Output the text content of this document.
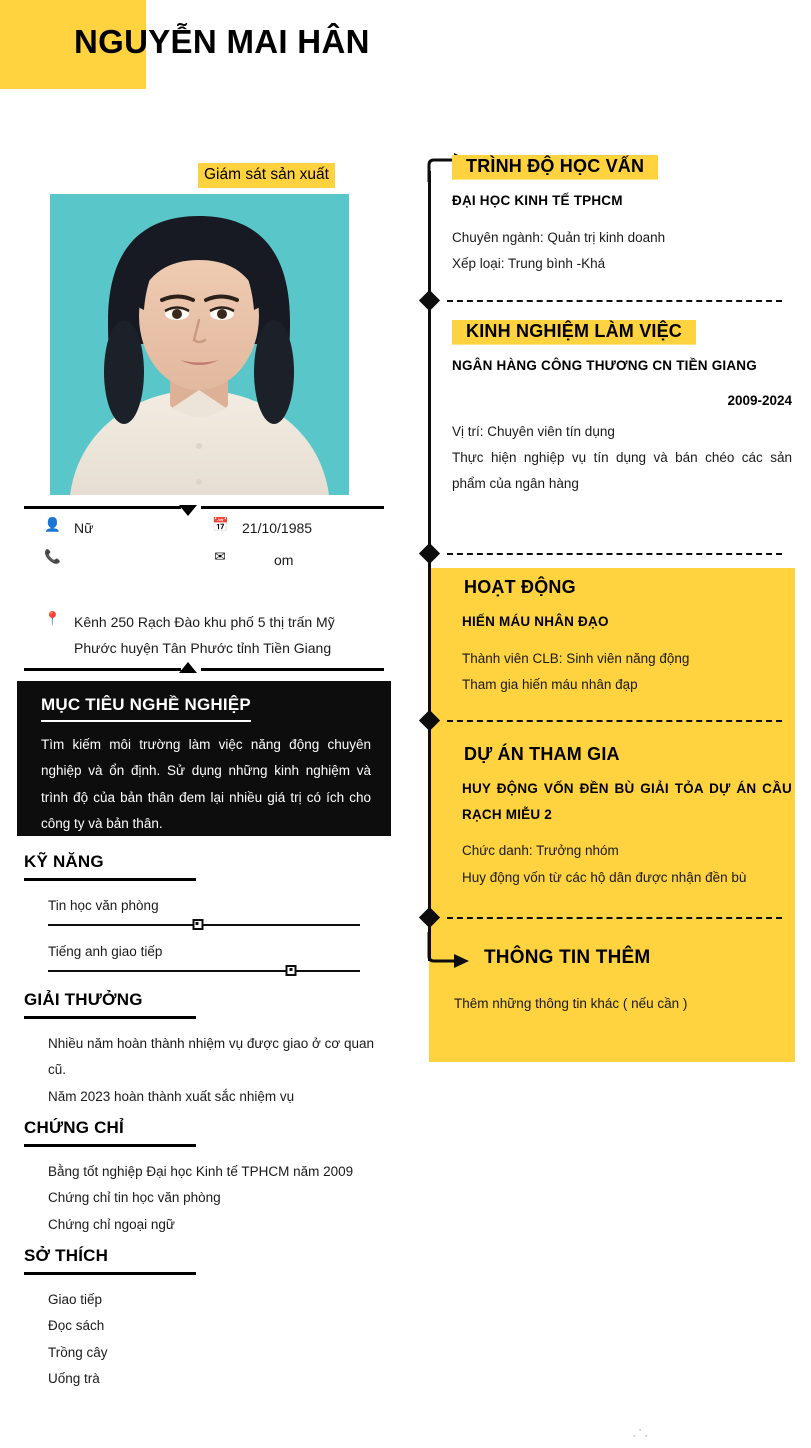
NGUYỄN MAI HÂN
Giám sát sản xuất
👤 Nữ	📅 21/10/1985
📞	✉	om
📍 Kênh 250 Rạch Đào khu phố 5 thị trấn Mỹ Phước huyện Tân Phước tỉnh Tiền Giang
MỤC TIÊU NGHỀ NGHIỆP
Tìm kiếm môi trường làm việc năng động chuyên nghiệp và ổn định. Sử dụng những kinh nghiệm và trình độ của bản thân đem lại nhiều giá trị có ích cho công ty và bản thân.
KỸ NĂNG
Tin học văn phòng
Tiếng anh giao tiếp
GIẢI THƯỞNG
Nhiều năm hoàn thành nhiệm vụ được giao ở cơ quan cũ.
Năm 2023 hoàn thành xuất sắc nhiệm vụ
CHỨNG CHỈ
Bằng tốt nghiệp Đại học Kinh tế TPHCM năm 2009
Chứng chỉ tin học văn phòng
Chứng chỉ ngoại ngữ
SỞ THÍCH
Giao tiếp
Đọc sách
Trồng cây
Uống trà
TRÌNH ĐỘ HỌC VẤN
ĐẠI HỌC KINH TẾ TPHCM
Chuyên ngành: Quản trị kinh doanh
Xếp loại: Trung bình -Khá
KINH NGHIỆM LÀM VIỆC
NGÂN HÀNG CÔNG THƯƠNG CN TIỀN GIANG
2009-2024
Vị trí: Chuyên viên tín dụng
Thực hiện nghiệp vụ tín dụng và bán chéo các sản phẩm của ngân hàng
HOẠT ĐỘNG
HIẾN MÁU NHÂN ĐẠO
Thành viên CLB: Sinh viên năng động
Tham gia hiến máu nhân đạp
DỰ ÁN THAM GIA
HUY ĐỘNG VỐN ĐỀN BÙ GIẢI TỎA DỰ ÁN CẦU RẠCH MIỄU 2
Chức danh: Trưởng nhóm
Huy động vốn từ các hộ dân được nhận đền bù
THÔNG TIN THÊM
Thêm những thông tin khác ( nếu cần )
▪
▪ ▪
